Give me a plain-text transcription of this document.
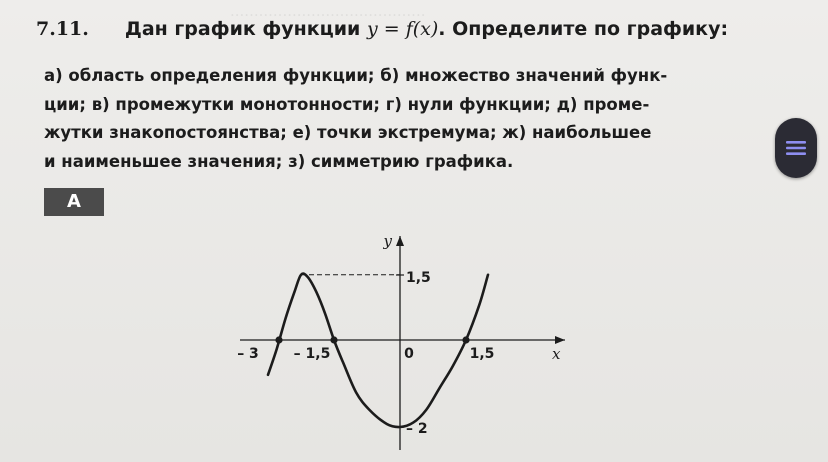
.........................................
7.11. Дан график функции y = f(x). Определите по графику:
а) область определения функции; б) множество значений функ-
ции; в) промежутки монотонности; г) нули функции; д) проме-
жутки знакопостоянства; е) точки экстремума; ж) наибольшее
и наименьшее значения; з) симметрию графика.
A
y
x
1,5
– 2
– 3 – 1,5	0	1,5
